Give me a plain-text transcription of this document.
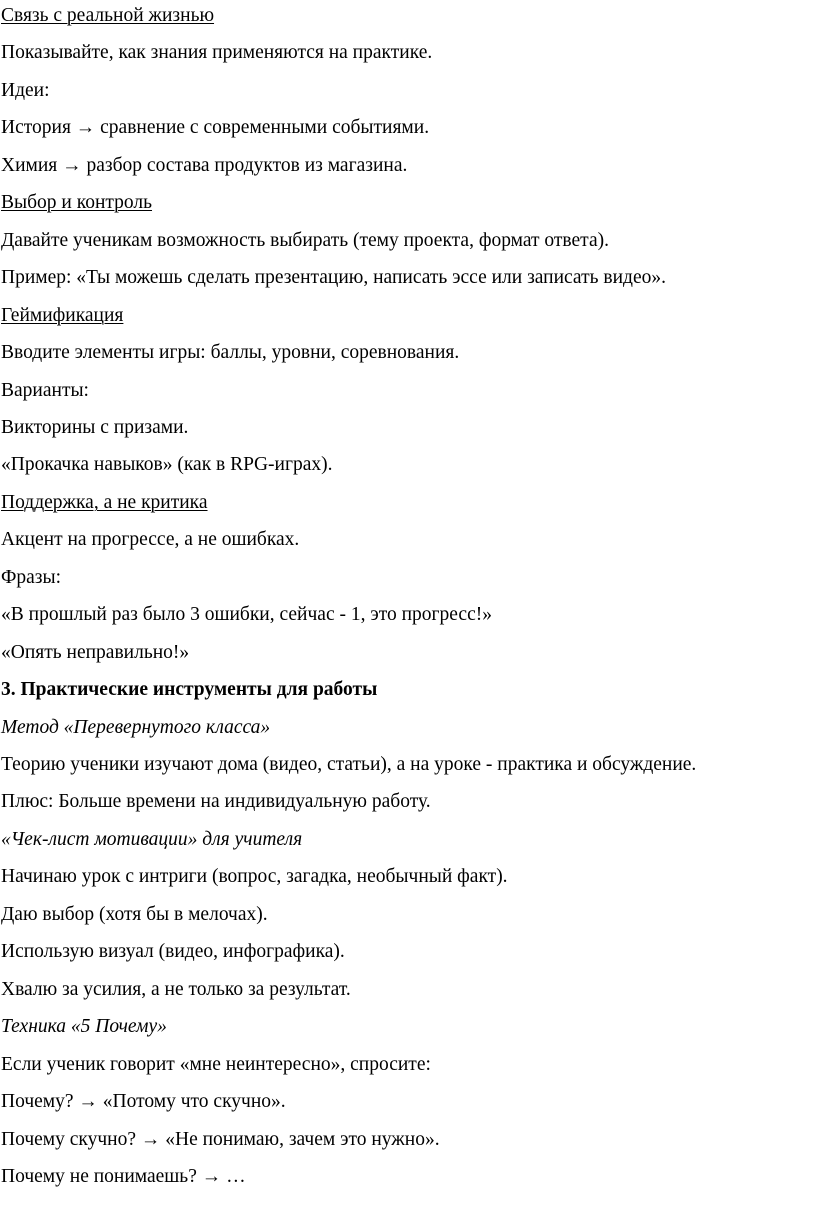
Связь с реальной жизнью
Показывайте, как знания применяются на практике.
Идеи:
История → сравнение с современными событиями.
Химия → разбор состава продуктов из магазина.
Выбор и контроль
Давайте ученикам возможность выбирать (тему проекта, формат ответа).
Пример: «Ты можешь сделать презентацию, написать эссе или записать видео».
Геймификация
Вводите элементы игры: баллы, уровни, соревнования.
Варианты:
Викторины с призами.
«Прокачка навыков» (как в RPG-играх).
Поддержка, а не критика
Акцент на прогрессе, а не ошибках.
Фразы:
«В прошлый раз было 3 ошибки, сейчас - 1, это прогресс!»
«Опять неправильно!»
3. Практические инструменты для работы
Метод «Перевернутого класса»
Теорию ученики изучают дома (видео, статьи), а на уроке - практика и обсуждение.
Плюс: Больше времени на индивидуальную работу.
«Чек-лист мотивации» для учителя
Начинаю урок с интриги (вопрос, загадка, необычный факт).
Даю выбор (хотя бы в мелочах).
Использую визуал (видео, инфографика).
Хвалю за усилия, а не только за результат.
Техника «5 Почему»
Если ученик говорит «мне неинтересно», спросите:
Почему? → «Потому что скучно».
Почему скучно? → «Не понимаю, зачем это нужно».
Почему не понимаешь? → …
